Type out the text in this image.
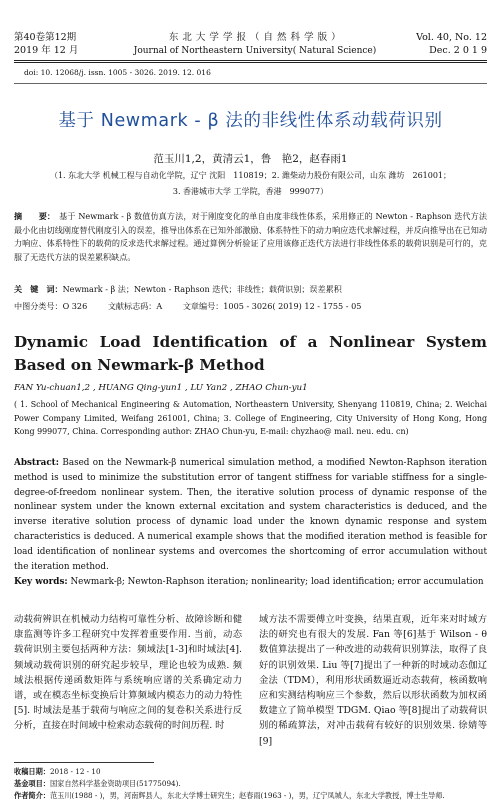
第40卷第12期
2019 年 12 月
东 北 大 学 学 报 （ 自 然 科 学 版 ）
Journal of Northeastern University( Natural Science)
Vol. 40, No. 12
Dec. 2 0 1 9
doi: 10. 12068/j. issn. 1005 - 3026. 2019. 12. 016
基于 Newmark - β 法的非线性体系动载荷识别
范玉川1,2，黄清云1，鲁　艳2，赵春雨1
（1. 东北大学 机械工程与自动化学院，辽宁 沈阳　110819；2. 潍柴动力股份有限公司，山东 潍坊　261001；
3. 香港城市大学 工学院，香港　999077）
摘　　要： 基于 Newmark - β 数值仿真方法，对于刚度变化的单自由度非线性体系，采用修正的 Newton - Raphson 迭代方法最小化由切线刚度替代刚度引入的误差，推导出体系在已知外部激励、体系特性下的动力响应迭代求解过程，并反向推导出在已知动力响应、体系特性下的载荷的反求迭代求解过程。通过算例分析验证了应用该修正迭代方法进行非线性体系的载荷识别是可行的，克服了无迭代方法的误差累积缺点。
关　键　词：Newmark - β 法；Newton - Raphson 迭代；非线性；载荷识别；误差累积
中图分类号：O 326	文献标志码：A	文章编号：1005 - 3026( 2019) 12 - 1755 - 05
Dynamic Load Identification of a Nonlinear System Based on Newmark-β Method
FAN Yu-chuan1,2 , HUANG Qing-yun1 , LU Yan2 , ZHAO Chun-yu1
( 1. School of Mechanical Engineering & Automation, Northeastern University, Shenyang 110819, China; 2. Weichai Power Company Limited, Weifang 261001, China; 3. College of Engineering, City University of Hong Kong, Hong Kong 999077, China. Corresponding author: ZHAO Chun-yu, E-mail: chyzhao@ mail. neu. edu. cn)
Abstract: Based on the Newmark-β numerical simulation method, a modified Newton-Raphson iteration method is used to minimize the substitution error of tangent stiffness for variable stiffness for a single-degree-of-freedom nonlinear system. Then, the iterative solution process of dynamic response of the nonlinear system under the known external excitation and system characteristics is deduced, and the inverse iterative solution process of dynamic load under the known dynamic response and system characteristics is deduced. A numerical example shows that the modified iteration method is feasible for load identification of nonlinear systems and overcomes the shortcoming of error accumulation without the iteration method.
Key words: Newmark-β; Newton-Raphson iteration; nonlinearity; load identification; error accumulation
动载荷辨识在机械动力结构可靠性分析、故障诊断和健康监测等许多工程研究中发挥着重要作用. 当前，动态载荷识别主要包括两种方法：频域法[1-3]和时域法[4]. 频域动载荷识别的研究起步较早，理论也较为成熟. 频域法根据传递函数矩阵与系统响应谱的关系确定动力谱，或在模态坐标变换后计算频域内模态力的动力特性[5]. 时域法是基于载荷与响应之间的复卷积关系进行反分析，直接在时间域中检索动态载荷的时间历程. 时
域方法不需要傅立叶变换，结果直观，近年来对时域方法的研究也有很大的发展. Fan 等[6]基于 Wilson - θ 数值算法提出了一种改进的动载荷识别算法，取得了良好的识别效果. Liu 等[7]提出了一种新的时域动态伽辽金法（TDM），利用形状函数逼近动态载荷，核函数响应和实测结构响应三个参数，然后以形状函数为加权函数建立了简单模型 TDGM. Qiao 等[8]提出了动载荷识别的稀疏算法，对冲击载荷有较好的识别效果. 徐婧等[9]
收稿日期：2018 - 12 - 10
基金项目：国家自然科学基金资助项目(51775094).
作者简介：范玉川(1988 - )，男，河南辉县人，东北大学博士研究生；赵春雨(1963 - )，男，辽宁凤城人，东北大学教授，博士生导师.
